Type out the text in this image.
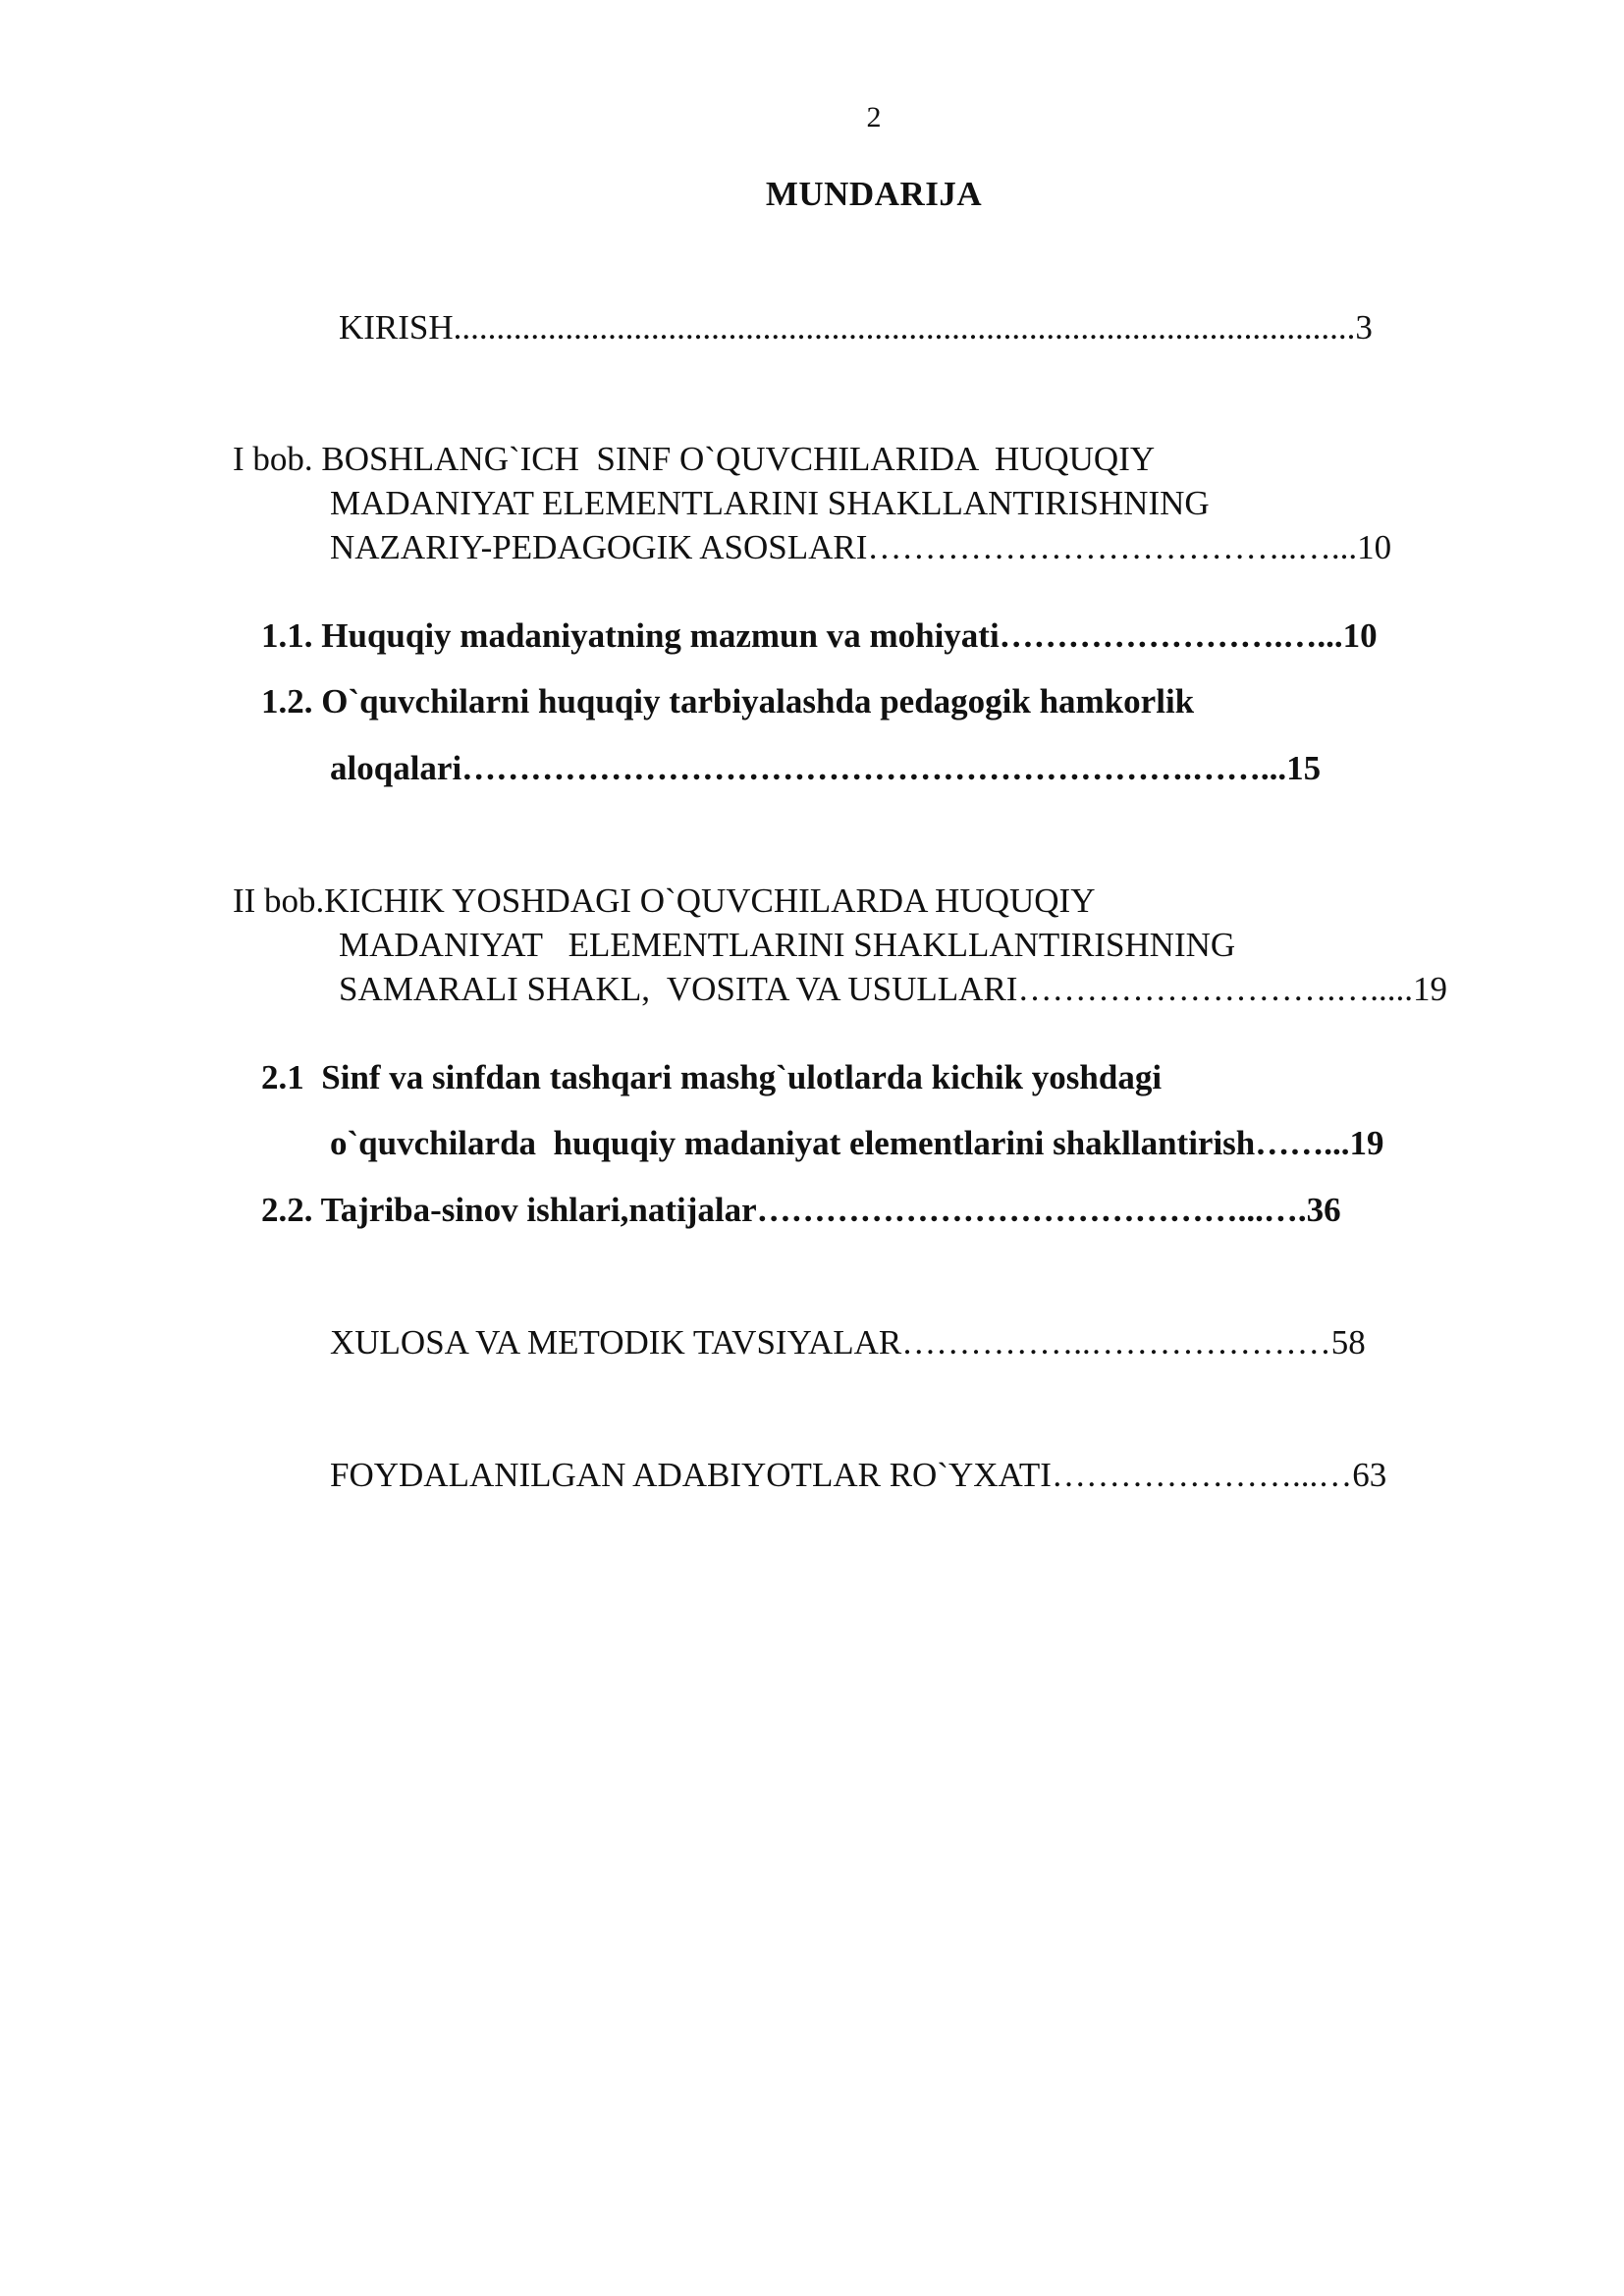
2
MUNDARIJA
KIRISH.........................................................................................................3
I bob. BOSHLANG`ICH  SINF O`QUVCHILARIDA  HUQUQIY
MADANIYAT ELEMENTLARINI SHAKLLANTIRISHNING
NAZARIY-PEDAGOGIK ASOSLARI………………………………..…...10
1.1. Huquqiy madaniyatning mazmun va mohiyati…………………….…...10
1.2. O`quvchilarni huquqiy tarbiyalashda pedagogik hamkorlik
aloqalari……………………………………………………….……...15
II bob.KICHIK YOSHDAGI O`QUVCHILARDA HUQUQIY
MADANIYAT   ELEMENTLARINI SHAKLLANTIRISHNING
SAMARALI SHAKL,  VOSITA VA USULLARI……………………….….....19
2.1  Sinf va sinfdan tashqari mashg`ulotlarda kichik yoshdagi
o`quvchilarda  huquqiy madaniyat elementlarini shakllantirish……...19
2.2. Tajriba-sinov ishlari,natijalar……………………………………...….36
XULOSA VA METODIK TAVSIYALAR……………..…………………58
FOYDALANILGAN ADABIYOTLAR RO`YXATI…………………...…63
